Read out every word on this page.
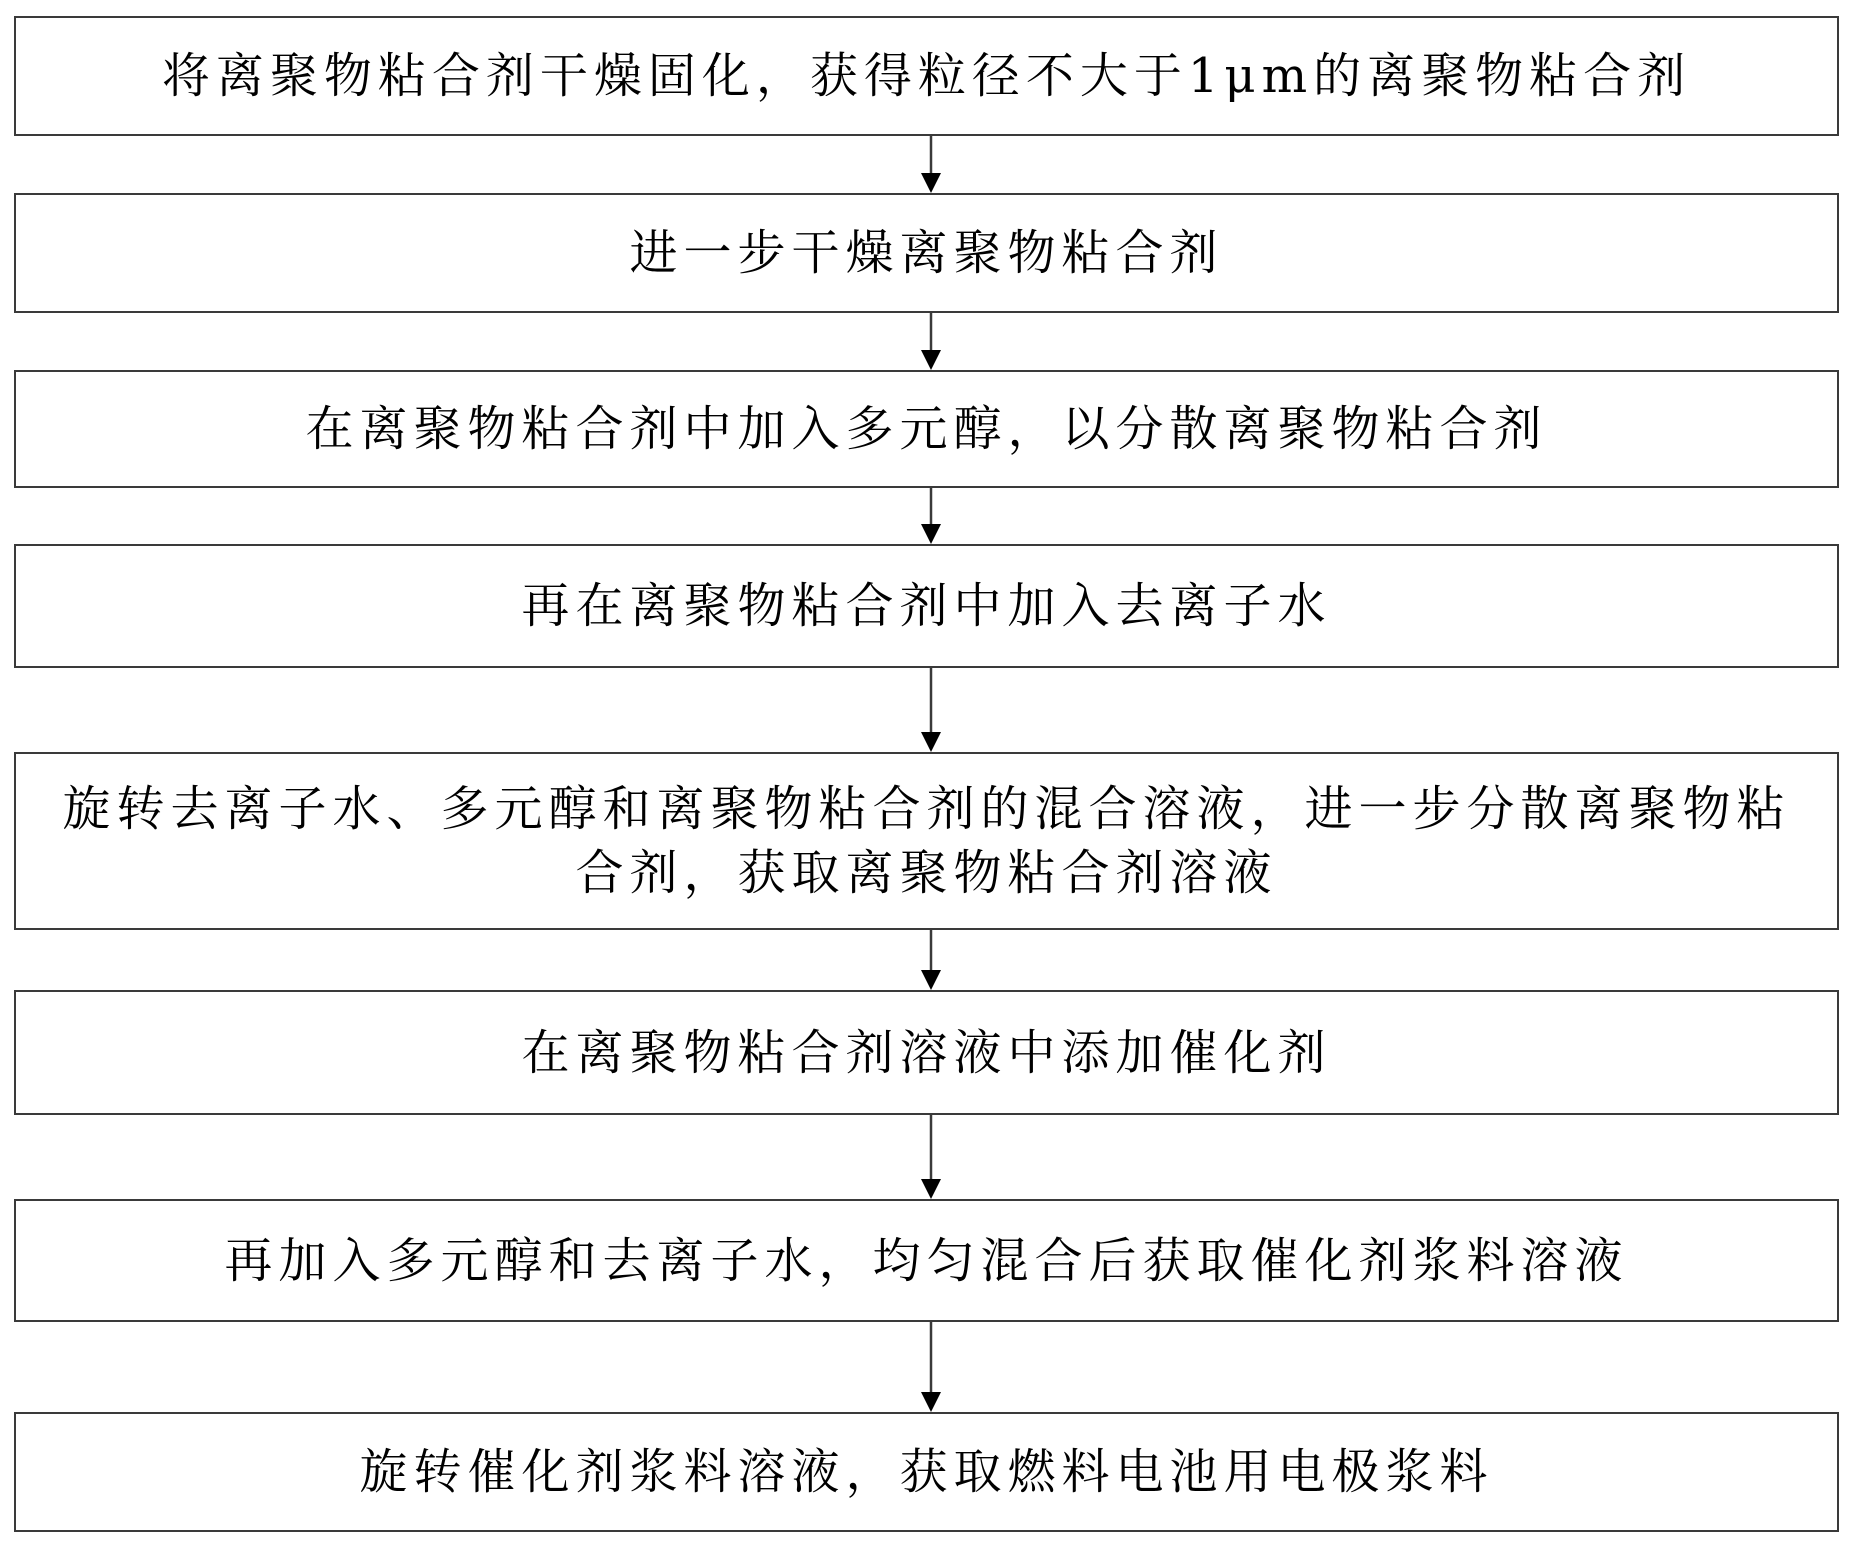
将离聚物粘合剂干燥固化，获得粒径不大于1μm的离聚物粘合剂
进一步干燥离聚物粘合剂
在离聚物粘合剂中加入多元醇，以分散离聚物粘合剂
再在离聚物粘合剂中加入去离子水
旋转去离子水、多元醇和离聚物粘合剂的混合溶液，进一步分散离聚物粘合剂，获取离聚物粘合剂溶液
在离聚物粘合剂溶液中添加催化剂
再加入多元醇和去离子水，均匀混合后获取催化剂浆料溶液
旋转催化剂浆料溶液，获取燃料电池用电极浆料
